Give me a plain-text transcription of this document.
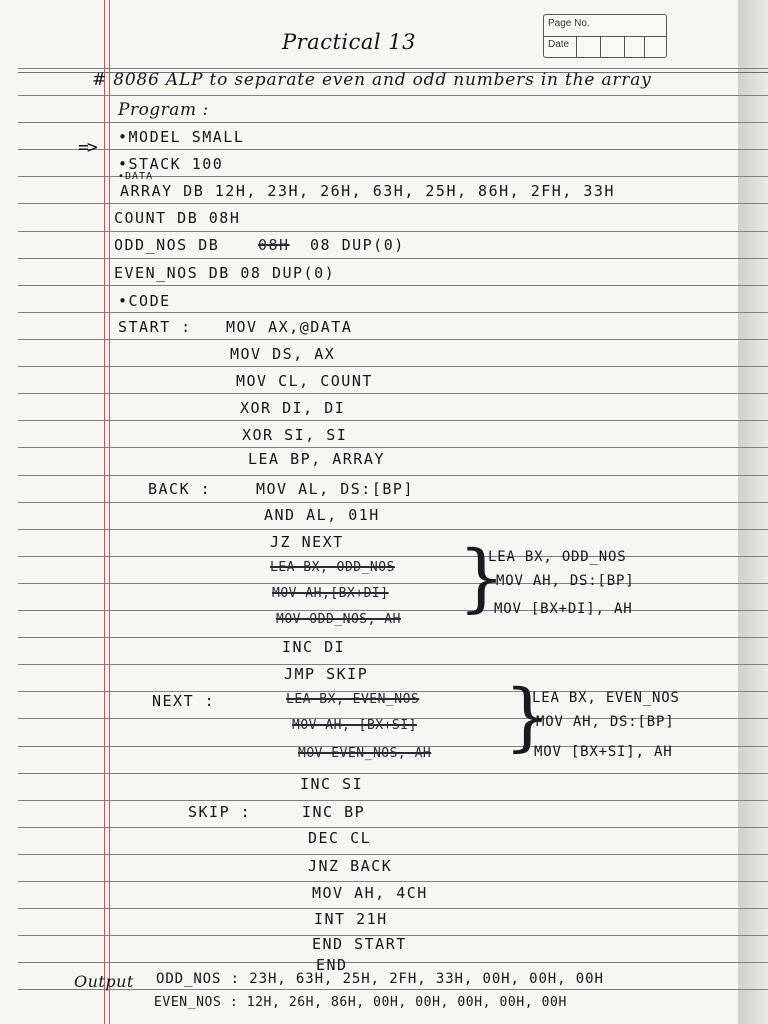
Page No.
Date
Practical 13
# 8086 ALP to separate even and odd numbers in the array
Program :
=> •MODEL SMALL
•STACK 100
•DATA
ARRAY DB 12H, 23H, 26H, 63H, 25H, 86H, 2FH, 33H
COUNT DB 08H
ODD_NOS DB	08H 08 DUP(0)
EVEN_NOS DB 08 DUP(0)
•CODE
START : MOV AX,@DATA
MOV DS, AX
MOV CL, COUNT
XOR DI, DI
XOR SI, SI
LEA BP, ARRAY
BACK :	MOV AL, DS:[BP]
AND AL, 01H
JZ NEXT
LEA BX, ODD_NOS
MOV AH,[BX+DI]
MOV ODD_NOS, AH }
LEA BX, ODD_NOS
MOV AH, DS:[BP]
MOV [BX+DI], AH
INC DI
JMP SKIP
NEXT :	LEA BX, EVEN_NOS
MOV AH, [BX+SI]
MOV EVEN_NOS, AH }
LEA BX, EVEN_NOS
MOV AH, DS:[BP]
MOV [BX+SI], AH
INC SI
SKIP :	INC BP
DEC CL
JNZ BACK
MOV AH, 4CH
INT 21H
END START
END
Output ODD_NOS : 23H, 63H, 25H, 2FH, 33H, 00H, 00H, 00H
EVEN_NOS : 12H, 26H, 86H, 00H, 00H, 00H, 00H, 00H
